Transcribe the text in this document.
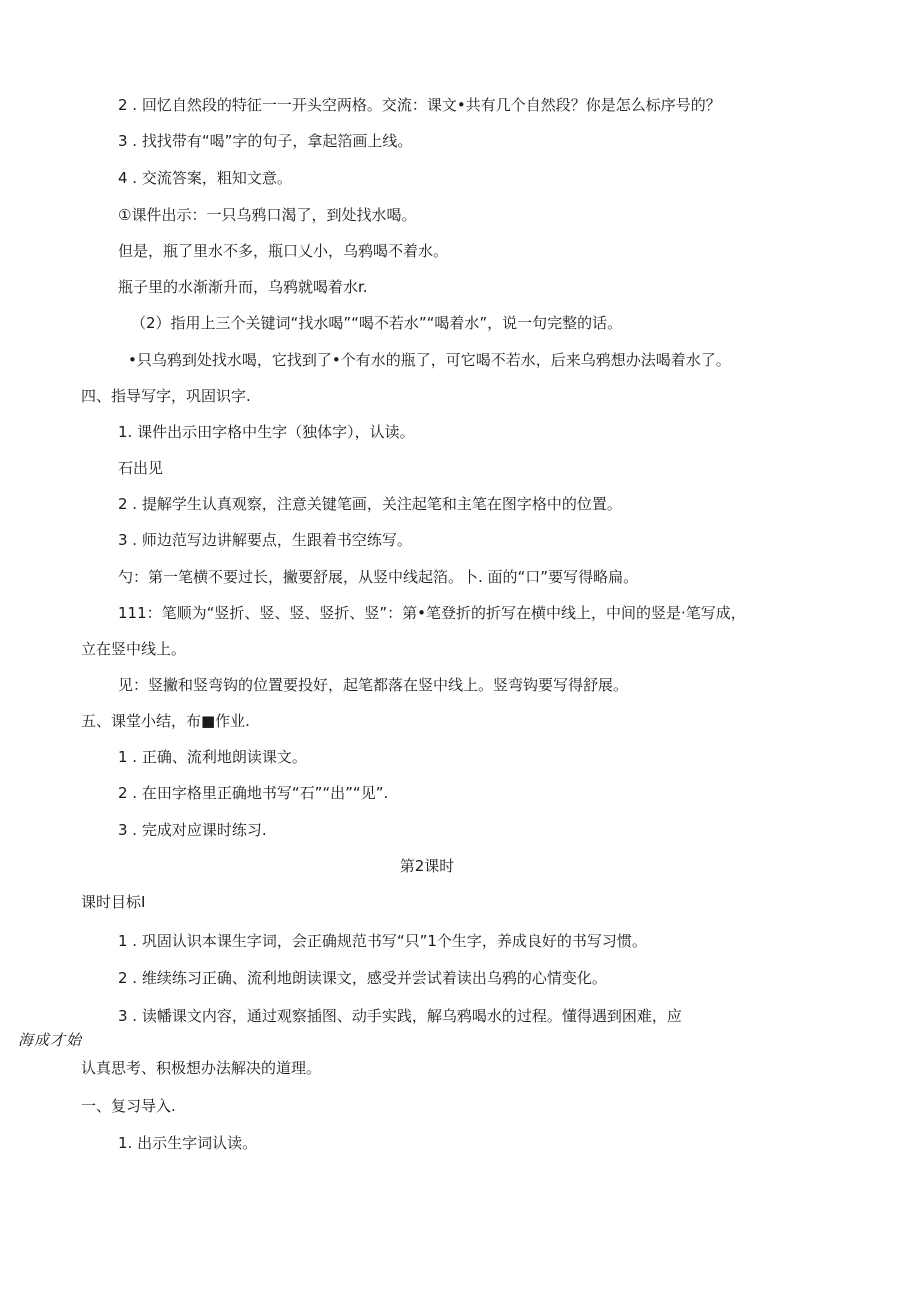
2 . 回忆自然段的特征一一开头空两格。交流：课文•共有几个自然段？你是怎么标序号的？
3 . 找找带有“喝”字的句子，拿起箔画上线。
4 . 交流答案，粗知文意。
①课件出示：一只乌鸦口渴了，到处找水喝。
但是，瓶了里水不多，瓶口乂小，乌鸦喝不着水。
瓶子里的水渐渐升而，乌鸦就喝着水r.
（2）指用上三个关键词“找水喝”“喝不若水”“喝着水”，说一句完整的话。
•只乌鸦到处找水喝，它找到了•个有水的瓶了，可它喝不若水，后来乌鸦想办法喝着水了。
四、指导写字，巩固识字.
1. 课件出示田字格中生字（独体字），认读。
石出见
2 . 提解学生认真观察，注意关键笔画，关注起笔和主笔在图字格中的位置。
3 . 师边范写边讲解要点，生跟着书空练写。
勺：第一笔横不要过长，撇要舒展，从竖中线起箔。卜. 面的“口”要写得略扁。
111：笔顺为“竖折、竖、竖、竖折、竖”：第•笔登折的折写在横中线上，中间的竖是·笔写成，
立在竖中线上。
见：竖撇和竖弯钩的位置要投好，起笔都落在竖中线上。竖弯钩要写得舒展。
五、课堂小结，布■作业.
1 . 正确、流利地朗读课文。
2 . 在田字格里正确地书写“石”“出”“见”.
3 . 完成对应课时练习.
第2课时
课时目标I
1 . 巩固认识本课生字词，会正确规范书写“只”1个生字，养成良好的书写习惯。
2 . 维续练习正确、流利地朗读课文，感受并尝试着读出乌鸦的心情变化。
3 . 读幡课文内容，通过观察插图、动手实践，解乌鸦喝水的过程。懂得遇到困难，应
海成才始
认真思考、积极想办法解决的道理。
一、复习导入.
1. 出示生字词认读。
